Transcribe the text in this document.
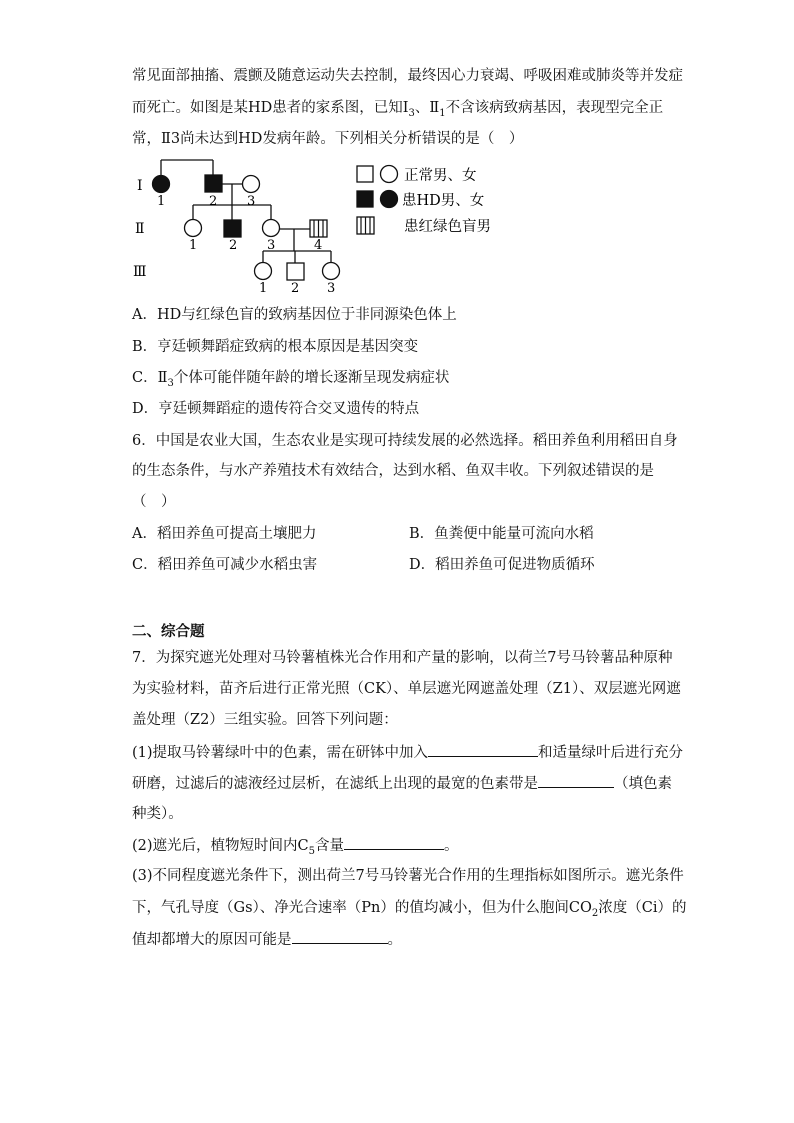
常见面部抽搐、震颤及随意运动失去控制，最终因心力衰竭、呼吸困难或肺炎等并发症
而死亡。如图是某HD患者的家系图，已知$Ⅰ_3$、$Ⅱ_1$不含该病致病基因，表现型完全正
常，Ⅱ3尚未达到HD发病年龄。下列相关分析错误的是（　）
Ⅰ
Ⅱ
Ⅲ
1	2 3
1 2 3	4
1 2 3
正常男、女
患HD男、女
患红绿色盲男
A．HD与红绿色盲的致病基因位于非同源染色体上
B．亨廷顿舞蹈症致病的根本原因是基因突变
C．$Ⅱ_3$个体可能伴随年龄的增长逐渐呈现发病症状
D．亨廷顿舞蹈症的遗传符合交叉遗传的特点
6．中国是农业大国，生态农业是实现可持续发展的必然选择。稻田养鱼利用稻田自身
的生态条件，与水产养殖技术有效结合，达到水稻、鱼双丰收。下列叙述错误的是
（　）
A．稻田养鱼可提高土壤肥力	B．鱼粪便中能量可流向水稻
C．稻田养鱼可减少水稻虫害	D．稻田养鱼可促进物质循环
二、综合题
7．为探究遮光处理对马铃薯植株光合作用和产量的影响，以荷兰7号马铃薯品种原种
为实验材料，苗齐后进行正常光照（CK）、单层遮光网遮盖处理（Z1）、双层遮光网遮
盖处理（Z2）三组实验。回答下列问题：
(1)提取马铃薯绿叶中的色素，需在研钵中加入	和适量绿叶后进行充分
研磨，过滤后的滤液经过层析，在滤纸上出现的最宽的色素带是	（填色素
种类）。
(2)遮光后，植物短时间内$C_5$含量	。
(3)不同程度遮光条件下，测出荷兰7号马铃薯光合作用的生理指标如图所示。遮光条件
下，气孔导度（Gs）、净光合速率（Pn）的值均减小，但为什么胞间$CO_2$浓度（Ci）的
值却都增大的原因可能是	。
